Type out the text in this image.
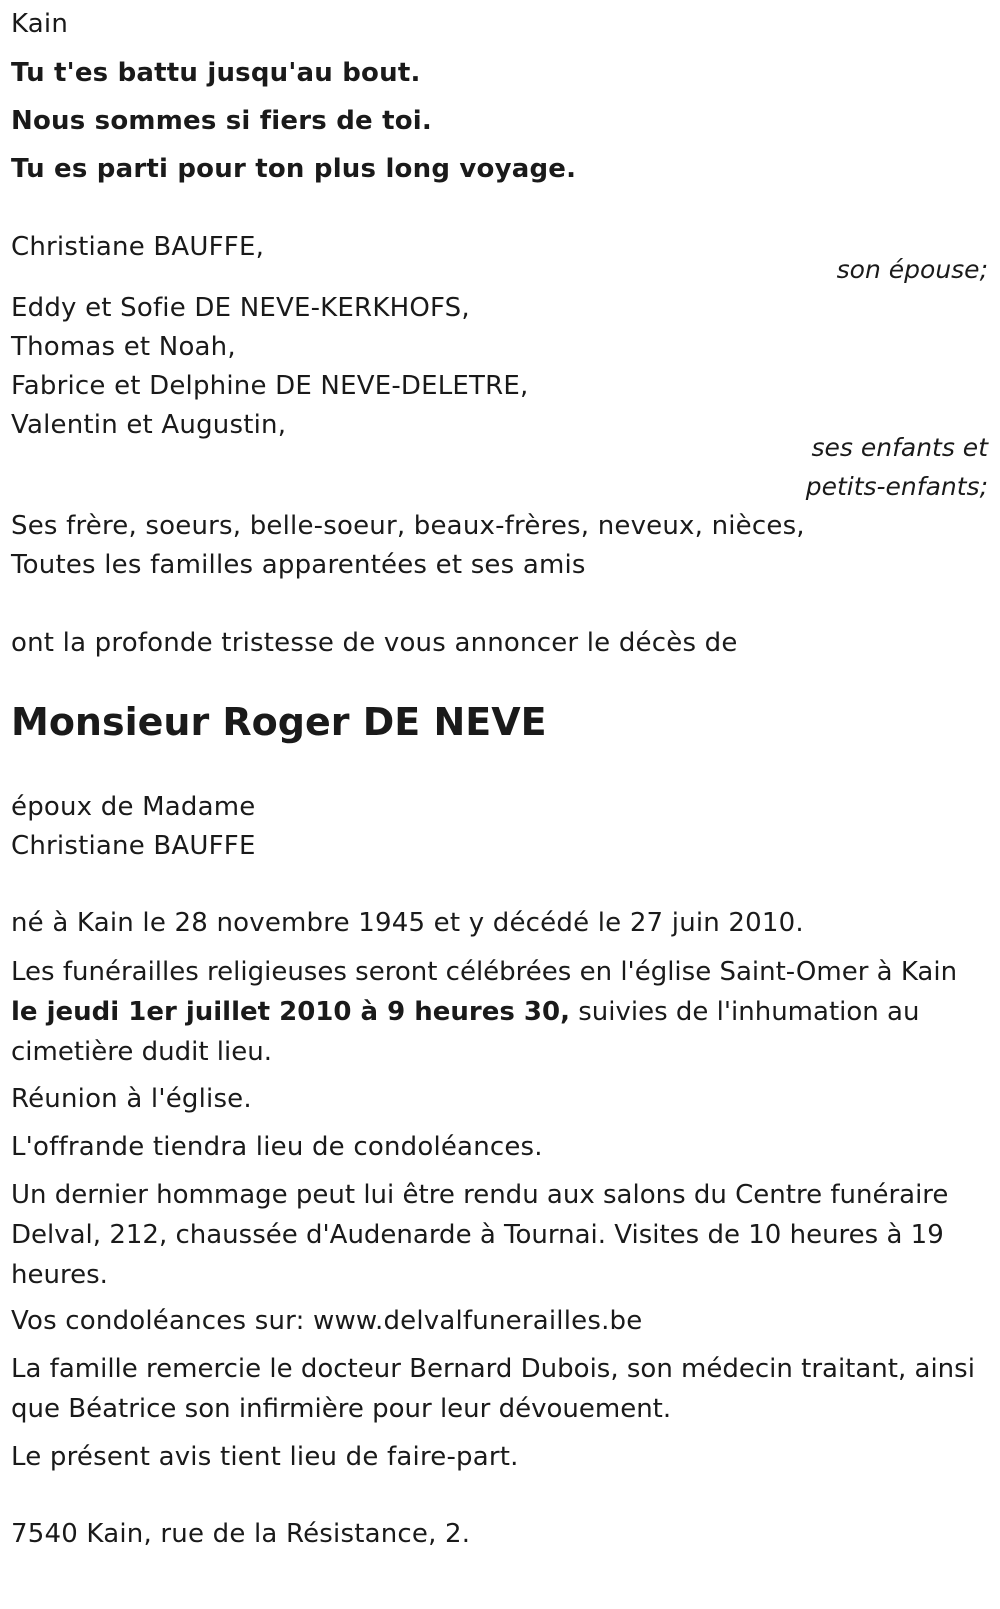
Kain
Tu t'es battu jusqu'au bout.
Nous sommes si fiers de toi.
Tu es parti pour ton plus long voyage.
Christiane BAUFFE,
son épouse;
Eddy et Sofie DE NEVE-KERKHOFS,
Thomas et Noah,
Fabrice et Delphine DE NEVE-DELETRE,
Valentin et Augustin,
ses enfants et
petits-enfants;
Ses frère, soeurs, belle-soeur, beaux-frères, neveux, nièces,
Toutes les familles apparentées et ses amis
ont la profonde tristesse de vous annoncer le décès de
Monsieur Roger DE NEVE
époux de Madame
Christiane BAUFFE
né à Kain le 28 novembre 1945 et y décédé le 27 juin 2010.
Les funérailles religieuses seront célébrées en l'église Saint-Omer à Kain le jeudi 1er juillet 2010 à 9 heures 30, suivies de l'inhumation au cimetière dudit lieu.
Réunion à l'église.
L'offrande tiendra lieu de condoléances.
Un dernier hommage peut lui être rendu aux salons du Centre funéraire Delval, 212, chaussée d'Audenarde à Tournai. Visites de 10 heures à 19 heures.
Vos condoléances sur: www.delvalfunerailles.be
La famille remercie le docteur Bernard Dubois, son médecin traitant, ainsi que Béatrice son infirmière pour leur dévouement.
Le présent avis tient lieu de faire-part.
7540 Kain, rue de la Résistance, 2.
